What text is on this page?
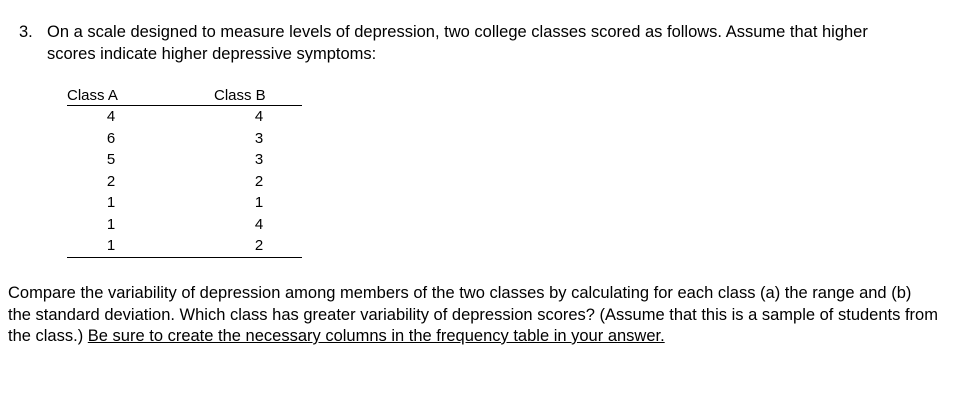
3. On a scale designed to measure levels of depression, two college classes scored as follows. Assume that higher scores indicate higher depressive symptoms:
Class A	Class B
4	4
6	3
5	3
2	2
1	1
1	4
1	2
Compare the variability of depression among members of the two classes by calculating for each class (a) the range and (b) the standard deviation. Which class has greater variability of depression scores? (Assume that this is a sample of students from the class.) Be sure to create the necessary columns in the frequency table in your answer.
